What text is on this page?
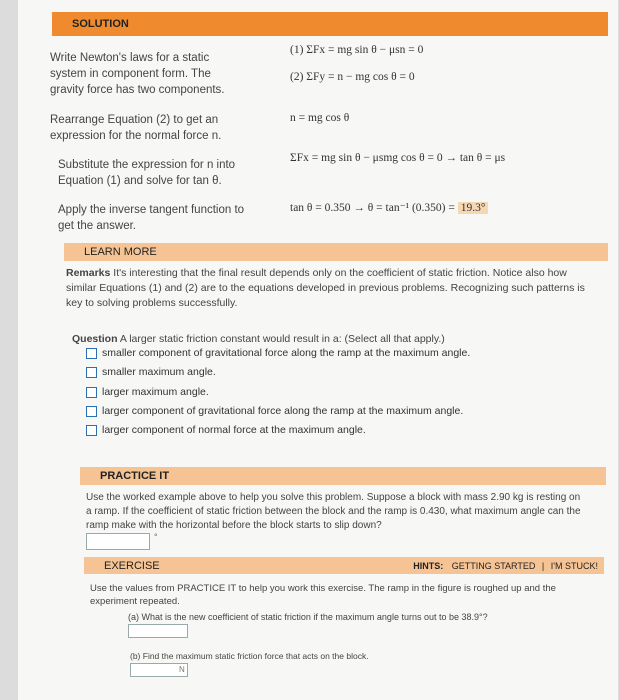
SOLUTION
Write Newton's laws for a static system in component form. The gravity force has two components.
(1) ΣFx = mg sin θ − μsn = 0
(2) ΣFy = n − mg cos θ = 0
Rearrange Equation (2) to get an expression for the normal force n.
n = mg cos θ
Substitute the expression for n into Equation (1) and solve for tan θ.
ΣFx = mg sin θ − μsmg cos θ = 0 → tan θ = μs
Apply the inverse tangent function to get the answer.
tan θ = 0.350 → θ = tan⁻¹ (0.350) = 19.3°
LEARN MORE
Remarks It's interesting that the final result depends only on the coefficient of static friction. Notice also how similar Equations (1) and (2) are to the equations developed in previous problems. Recognizing such patterns is key to solving problems successfully.
Question A larger static friction constant would result in a: (Select all that apply.)
smaller component of gravitational force along the ramp at the maximum angle.
smaller maximum angle.
larger maximum angle.
larger component of gravitational force along the ramp at the maximum angle.
larger component of normal force at the maximum angle.
PRACTICE IT
Use the worked example above to help you solve this problem. Suppose a block with mass 2.90 kg is resting on a ramp. If the coefficient of static friction between the block and the ramp is 0.430, what maximum angle can the ramp make with the horizontal before the block starts to slip down?
°
EXERCISE	HINTS: GETTING STARTED | I'M STUCK!
Use the values from PRACTICE IT to help you work this exercise. The ramp in the figure is roughed up and the experiment repeated.
(a) What is the new coefficient of static friction if the maximum angle turns out to be 38.9°?
(b) Find the maximum static friction force that acts on the block.
N
